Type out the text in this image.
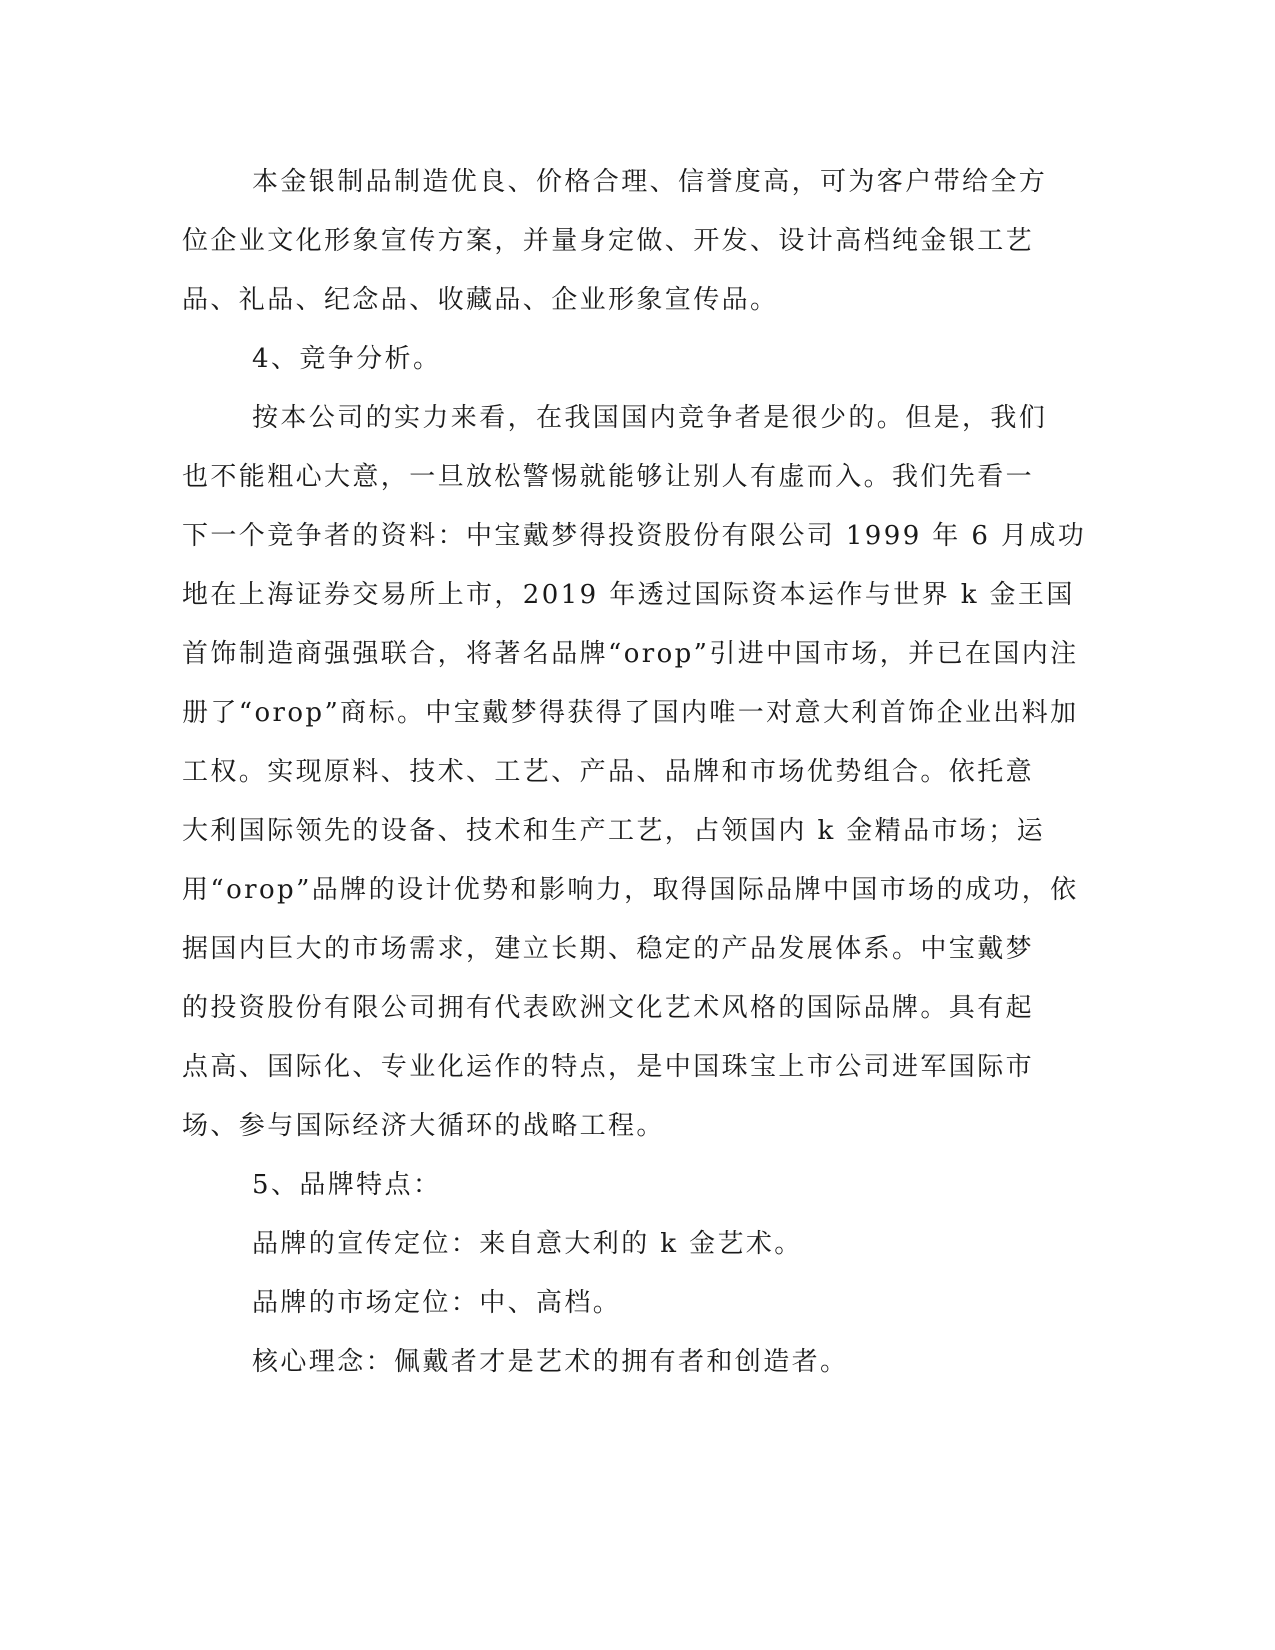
本金银制品制造优良、价格合理、信誉度高，可为客户带给全方
位企业文化形象宣传方案，并量身定做、开发、设计高档纯金银工艺
品、礼品、纪念品、收藏品、企业形象宣传品。
4、竞争分析。
按本公司的实力来看，在我国国内竞争者是很少的。但是，我们
也不能粗心大意，一旦放松警惕就能够让别人有虚而入。我们先看一
下一个竞争者的资料：中宝戴梦得投资股份有限公司 1999 年 6 月成功
地在上海证券交易所上市，2019 年透过国际资本运作与世界 k 金王国
首饰制造商强强联合，将著名品牌“orop”引进中国市场，并已在国内注
册了“orop”商标。中宝戴梦得获得了国内唯一对意大利首饰企业出料加
工权。实现原料、技术、工艺、产品、品牌和市场优势组合。依托意
大利国际领先的设备、技术和生产工艺，占领国内 k 金精品市场；运
用“orop”品牌的设计优势和影响力，取得国际品牌中国市场的成功，依
据国内巨大的市场需求，建立长期、稳定的产品发展体系。中宝戴梦
的投资股份有限公司拥有代表欧洲文化艺术风格的国际品牌。具有起
点高、国际化、专业化运作的特点，是中国珠宝上市公司进军国际市
场、参与国际经济大循环的战略工程。
5、品牌特点：
品牌的宣传定位：来自意大利的 k 金艺术。
品牌的市场定位：中、高档。
核心理念：佩戴者才是艺术的拥有者和创造者。
